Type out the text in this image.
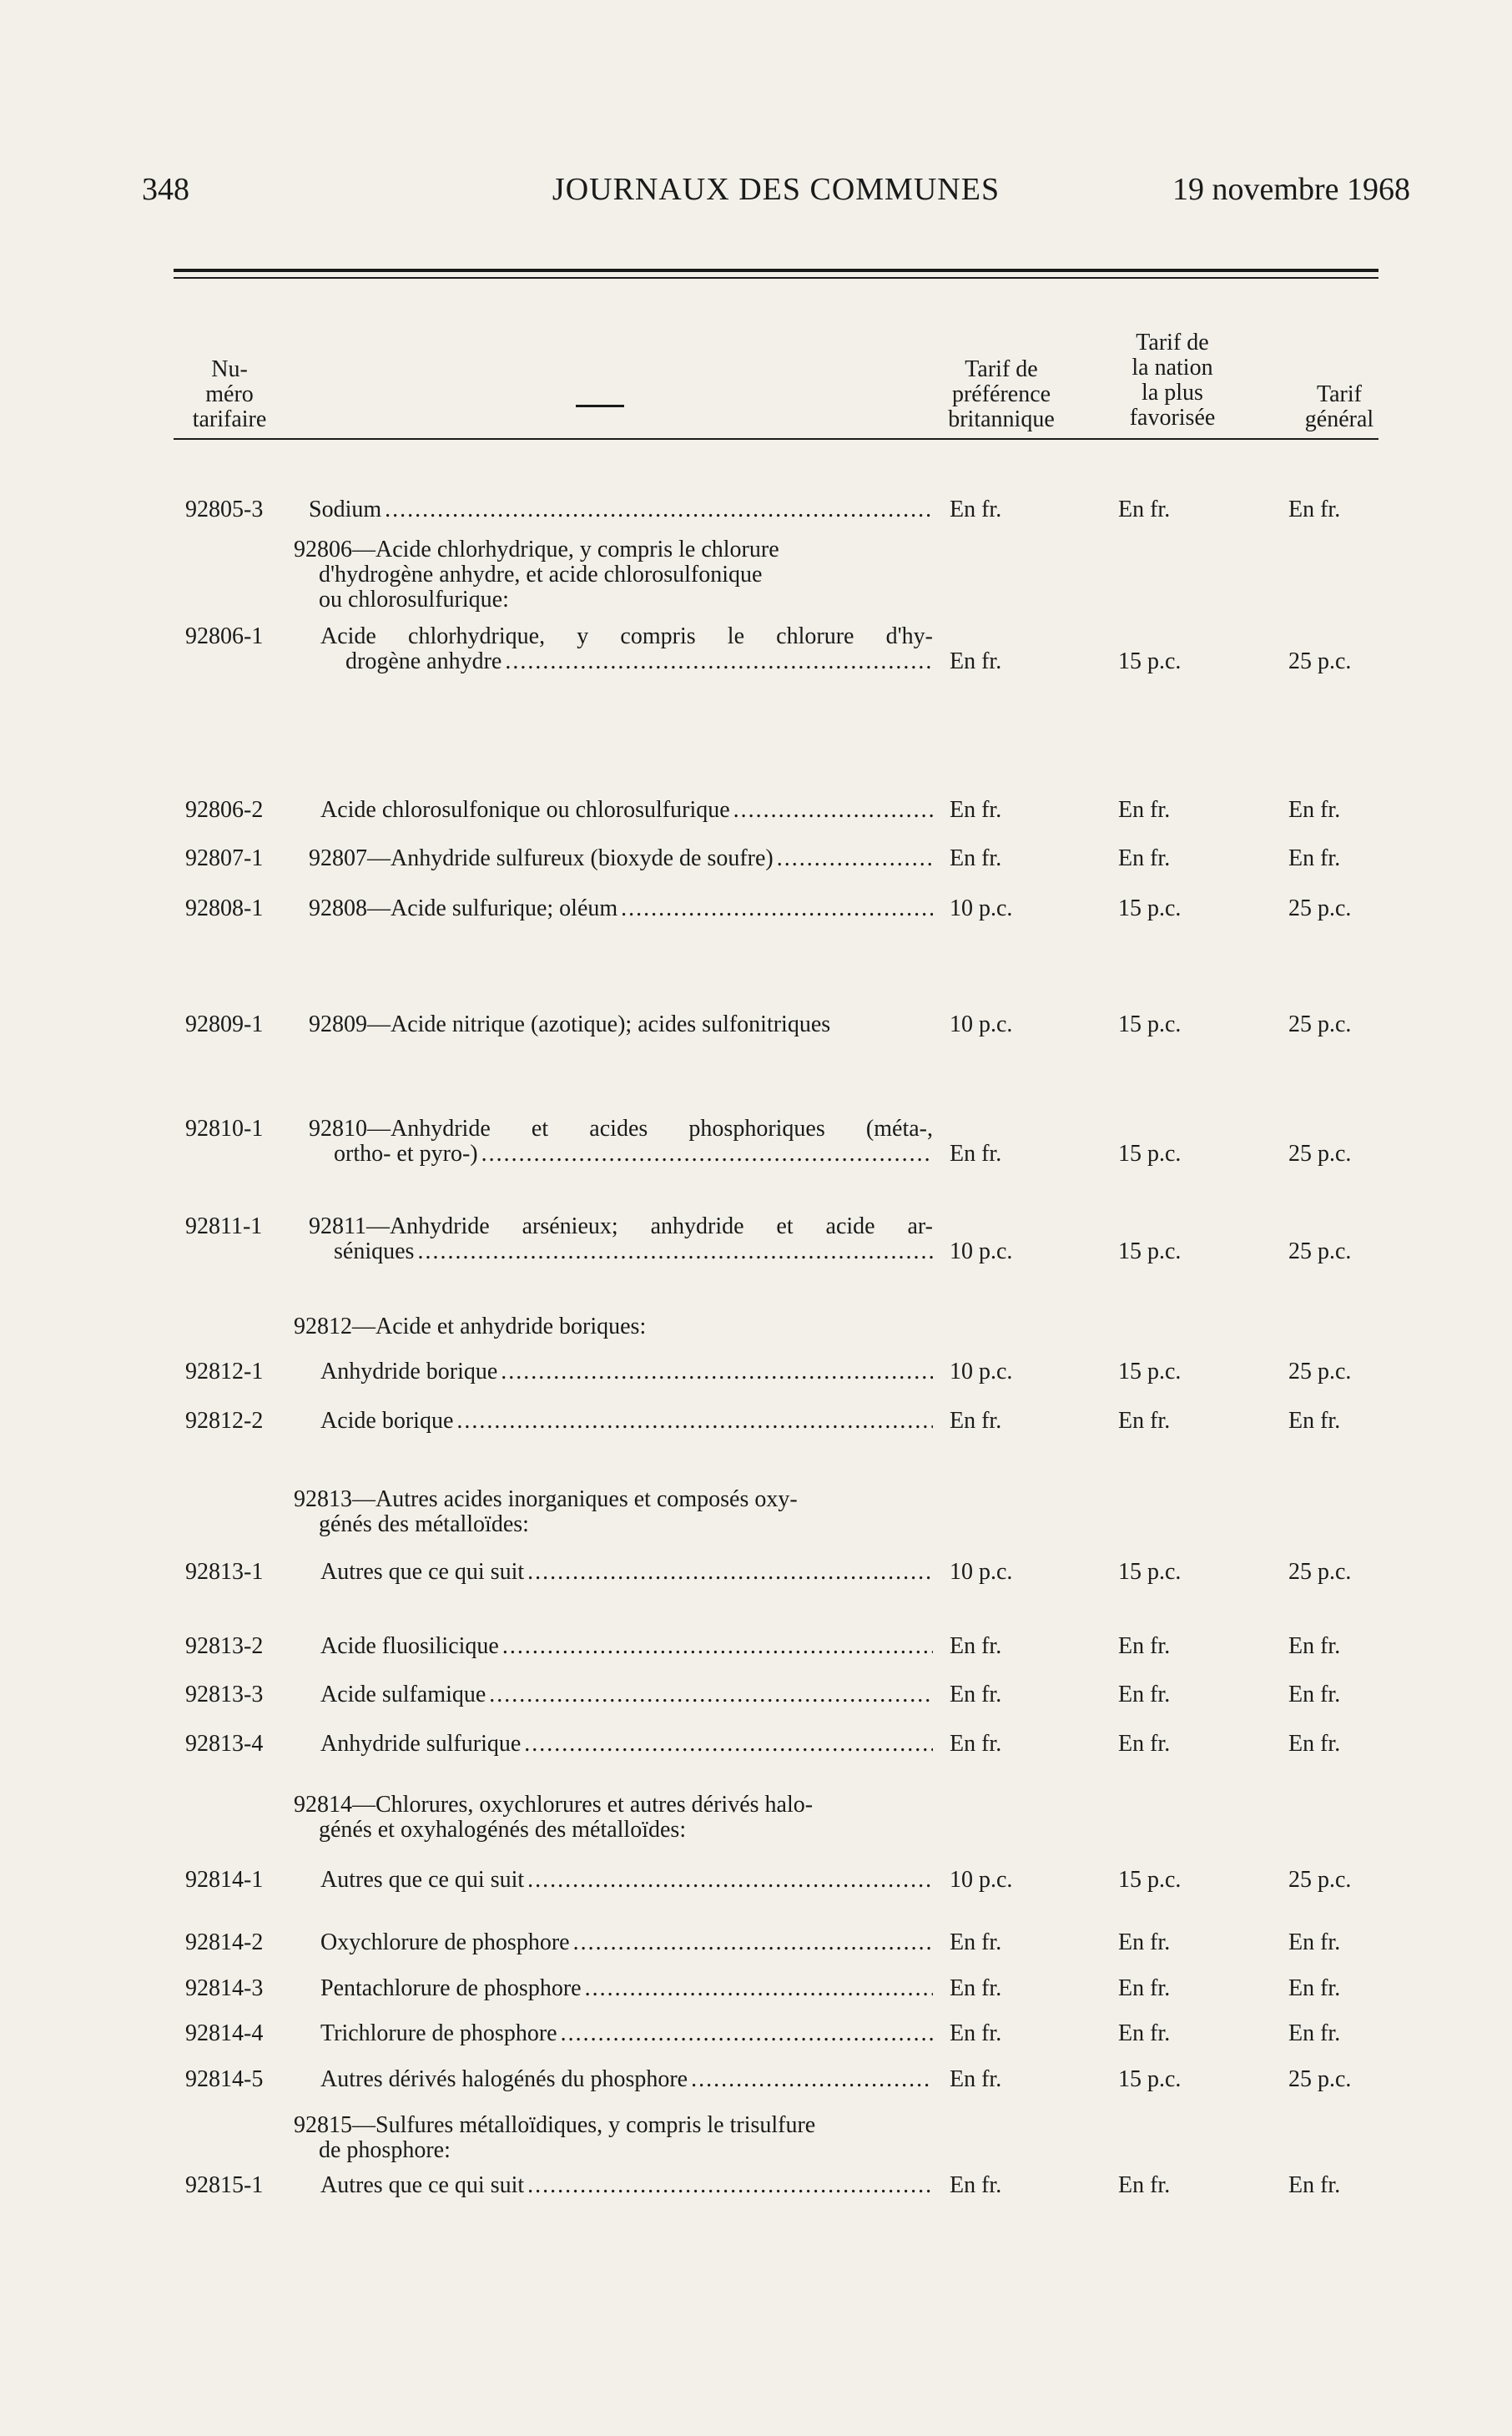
348	JOURNAUX DES COMMUNES	19 novembre 1968
Nu-
méro
tarifaire
Tarif de
préférence
britannique
Tarif de
la nation
la plus
favorisée
Tarif
général
92805-3	Sodium .....	En fr.	En fr.	En fr.
92806—Acide chlorhydrique, y compris le chlorure

d'hydrogène anhydre, et acide chlorosulfonique
ou chlorosulfurique:
92806-1	Acide chlorhydrique, y compris le chlorure d'hy-
drogène anhydre .....	En fr.	15 p.c.	25 p.c.
92806-2	Acide chlorosulfonique ou chlorosulfurique .....	En fr.	En fr.	En fr.
92807-1	92807—Anhydride sulfureux (bioxyde de soufre) .....	En fr.	En fr.	En fr.
92808-1	92808—Acide sulfurique; oléum .....	10 p.c.	15 p.c.	25 p.c.
92809-1	92809—Acide nitrique (azotique); acides sulfonitriques	10 p.c.	15 p.c.	25 p.c.
92810-1	92810—Anhydride et acides phosphoriques (méta-,
ortho- et pyro-) .....	En fr.	15 p.c.	25 p.c.
92811-1	92811—Anhydride arsénieux; anhydride et acide ar-
séniques .....	10 p.c.	15 p.c.	25 p.c.
92812—Acide et anhydride boriques:
92812-1	Anhydride borique .....	10 p.c.	15 p.c.	25 p.c.
92812-2	Acide borique .....	En fr.	En fr.	En fr.
92813—Autres acides inorganiques et composés oxy-

génés des métalloïdes:
92813-1	Autres que ce qui suit .....	10 p.c.	15 p.c.	25 p.c.
92813-2	Acide fluosilicique .....	En fr.	En fr.	En fr.
92813-3	Acide sulfamique .....	En fr.	En fr.	En fr.
92813-4	Anhydride sulfurique .....	En fr.	En fr.	En fr.
92814—Chlorures, oxychlorures et autres dérivés halo-

génés et oxyhalogénés des métalloïdes:
92814-1	Autres que ce qui suit .....	10 p.c.	15 p.c.	25 p.c.
92814-2	Oxychlorure de phosphore .....	En fr.	En fr.	En fr.
92814-3	Pentachlorure de phosphore .....	En fr.	En fr.	En fr.
92814-4	Trichlorure de phosphore .....	En fr.	En fr.	En fr.
92814-5	Autres dérivés halogénés du phosphore .....	En fr.	15 p.c.	25 p.c.
92815—Sulfures métalloïdiques, y compris le trisulfure

de phosphore:
92815-1	Autres que ce qui suit .....	En fr.	En fr.	En fr.
